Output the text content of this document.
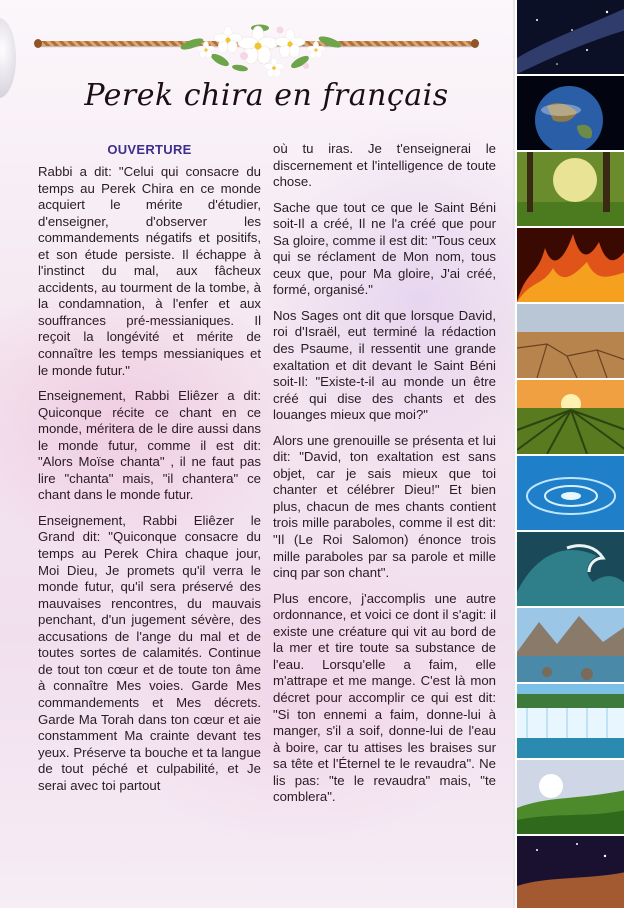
Perek chira en français
OUVERTURE

Rabbi a dit: "Celui qui consacre du temps au Perek Chira en ce monde acquiert le mérite d'étudier, d'enseigner, d'observer les commandements négatifs et positifs, et son étude persiste. Il échappe à l'instinct du mal, aux fâcheux accidents, au tourment de la tombe, à la condamnation, à l'enfer et aux souffrances pré-messianiques. Il reçoit la longévité et mérite de connaître les temps messianiques et le monde futur."

Enseignement, Rabbi Eliêzer a dit: Quiconque récite ce chant en ce monde, méritera de le dire aussi dans le monde futur, comme il est dit: "Alors Moïse chanta" , il ne faut pas lire "chanta" mais, "il chantera" ce chant dans le monde futur.

Enseignement, Rabbi Eliêzer le Grand dit: "Quiconque consacre du temps au Perek Chira chaque jour, Moi Dieu, Je promets qu'il verra le monde futur, qu'il sera préservé des mauvaises rencontres, du mauvais penchant, d'un jugement sévère, des accusations de l'ange du mal et de toutes sortes de calamités. Continue de tout ton cœur et de toute ton âme à connaître Mes voies. Garde Mes commandements et Mes décrets. Garde Ma Torah dans ton cœur et aie constamment Ma crainte devant tes yeux. Préserve ta bouche et ta langue de tout péché et culpabilité, et Je serai avec toi partout

où tu iras. Je t'enseignerai le discernement et l'intelligence de toute chose.

Sache que tout ce que le Saint Béni soit-Il a créé, Il ne l'a créé que pour Sa gloire, comme il est dit: "Tous ceux qui se réclament de Mon nom, tous ceux que, pour Ma gloire, J'ai créé, formé, organisé."

Nos Sages ont dit que lorsque David, roi d'Israël, eut terminé la rédaction des Psaume, il ressentit une grande exaltation et dit devant le Saint Béni soit-Il: "Existe-t-il au monde un être créé qui dise des chants et des louanges mieux que moi?"

Alors une grenouille se présenta et lui dit: "David, ton exaltation est sans objet, car je sais mieux que toi chanter et célébrer Dieu!" Et bien plus, chacun de mes chants contient trois mille paraboles, comme il est dit: "Il (Le Roi Salomon) énonce trois mille paraboles par sa parole et mille cinq par son chant".

Plus encore, j'accomplis une autre ordonnance, et voici ce dont il s'agit: il existe une créature qui vit au bord de la mer et tire toute sa substance de l'eau. Lorsqu'elle a faim, elle m'attrape et me mange. C'est là mon décret pour accomplir ce qui est dit: "Si ton ennemi a faim, donne-lui à manger, s'il a soif, donne-lui de l'eau à boire, car tu attises les braises sur sa tête et l'Éternel te le revaudra". Ne lis pas: "te le revaudra" mais, "te comblera".
